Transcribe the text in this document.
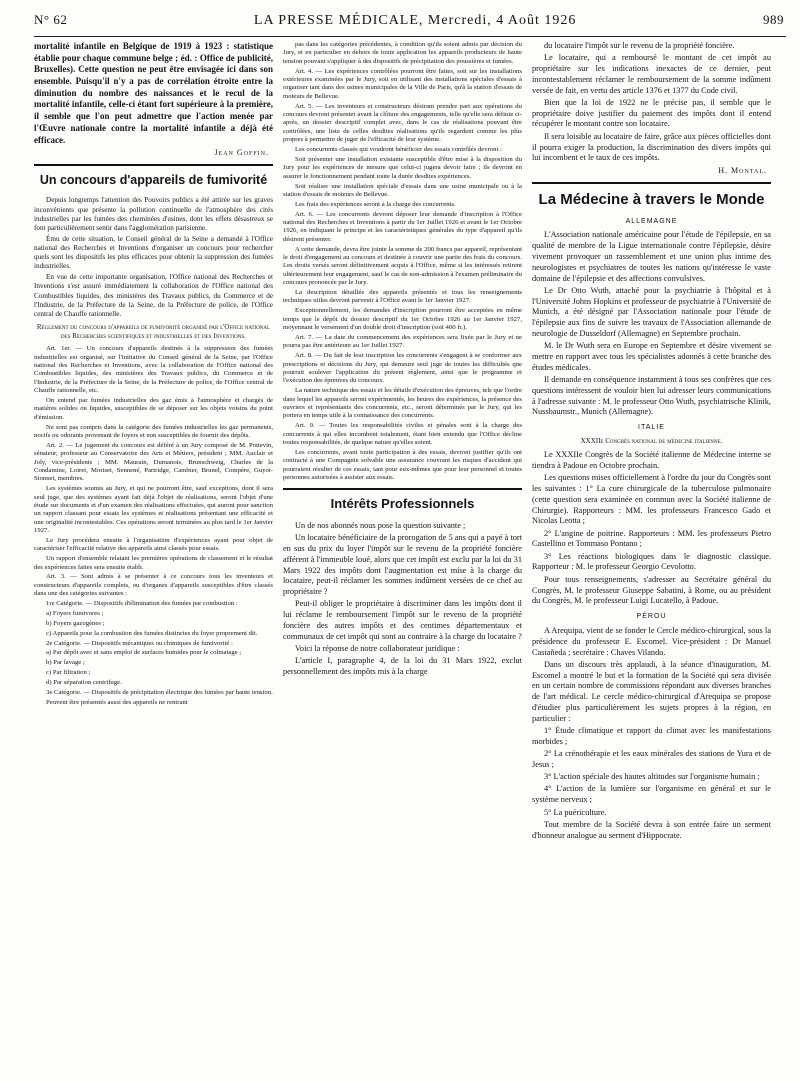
N° 62	LA PRESSE MÉDICALE, Mercredi, 4 Août 1926	989

mortalité infantile en Belgique de 1919 à 1923 : statistique établie pour chaque commune belge ; éd. : Office de publicité, Bruxelles). Cette question ne peut être envisagée ici dans son ensemble. Puisqu'il n'y a pas de corrélation étroite entre la diminution du nombre des naissances et le recul de la mortalité infantile, celle-ci étant fort supérieure à la première, il semble que l'on peut admettre que l'action menée par l'Œuvre nationale contre la mortalité infantile a déjà été efficace.

Jean Goffin.
Un concours d'appareils de fumivorité

Depuis longtemps l'attention des Pouvoirs publics a été attirée sur les graves inconvénients que présente la pollution continuelle de l'atmosphère des cités industrielles par les fumées des cheminées d'usines, dont les effets désastreux se font particulièrement sentir dans l'agglomération parisienne.

Ému de cette situation, le Conseil général de la Seine a demandé à l'Office national des Recherches et Inventions d'organiser un concours pour rechercher quels sont les dispositifs les plus efficaces pour obtenir la suppression des fumées industrielles.

En vue de cette importante organisation, l'Office national des Recherches et Inventions s'est assuré immédiatement la collaboration de l'Office national des Combustibles liquides, des ministères des Travaux publics, du Commerce et de l'Industrie, de la Préfecture de la Seine, de la Préfecture de police, de l'Office central de Chauffe rationnelle.

Règlement du concours d'appareils de fumivorité organisé par l'Office national des Recherches scientifiques et industrielles et des Inventions.

Art. 1er. — Un concours d'appareils destinés à la suppression des fumées industrielles est organisé, sur l'initiative du Conseil général de la Seine, par l'Office national des Recherches et Inventions, avec la collaboration de l'Office national des Combustibles liquides, des ministères des Travaux publics, du Commerce et de l'Industrie, de la Préfecture de la Seine, de la Préfecture de police, de l'Office central de Chauffe rationnelle, etc.

On entend par fumées industrielles des gaz émis à l'atmosphère et chargés de matières solides ou liquides, susceptibles de se déposer sur les objets voisins du point d'émission.

Ne sont pas compris dans la catégorie des fumées industrielles les gaz permanents, nocifs ou odorants provenant de foyers et non susceptibles de fournir des dépôts.

Art. 2. — Le jugement du concours est déféré à un Jury composé de M. Pottevin, sénateur, professeur au Conservatoire des Arts et Métiers, président ; MM. Auclair et Joly, vice-présidents ; MM. Maurain, Dumanois, Brunschweig, Charles de la Condamine, Loiret, Moriset, Sennené, Partridge, Cambier, Brunel, Compère, Guyot-Sionnet, membres.

Les systèmes soumis au Jury, et qui ne pourront être, sauf exceptions, dont il sera seul juge, que des systèmes ayant fait déjà l'objet de réalisations, seront l'objet d'une étude sur documents et d'un examen des réalisations effectuées, qui auront pour sanction un rapport classant pour essais les systèmes et réalisations présentant une efficacité et une originalité incontestables. Ces opérations seront terminées au plus tard le 1er Janvier 1927.

Le Jury procédera ensuite à l'organisation d'expériences ayant pour objet de caractériser l'efficacité relative des appareils ainsi classés pour essais.

Un rapport d'ensemble relatant les premières opérations de classement et le résultat des expériences faites sera ensuite établi.

Art. 3. — Sont admis à se présenter à ce concours tous les inventeurs et constructeurs d'appareils complets, ou d'organes d'appareils susceptibles d'être classés dans une des catégories suivantes :

1re Catégorie. — Dispositifs d'élimination des fumées par combustion :

a) Foyers fumivores ;

b) Foyers gazogènes ;

c) Appareils pour la combustion des fumées distinctes du foyer proprement dit.

2e Catégorie. — Dispositifs mécaniques ou chimiques de fumivorité :

a) Par dépôt avec et sans emploi de surfaces humides pour le colmatage ;

b) Par lavage ;

c) Par filtration ;

d) Par séparation centrifuge.

3e Catégorie. — Dispositifs de précipitation électrique des fumées par haute tension.

Peuvent être présentés aussi des appareils ne rentrant

pas dans les catégories précédentes, à condition qu'ils soient admis par décision du Jury, et en particulier en dehors de toute application les appareils producteurs de haute tension pouvant s'appliquer à des dispositifs de précipitation des poussières et fumées.

Art. 4. — Les expériences contrôlées pourront être faites, soit sur les installations extérieures examinées par le Jury, soit en utilisant des installations spéciales d'essais à organiser tant dans des usines municipales de la Ville de Paris, qu'à la station d'essais de moteurs de Bellevue.

Art. 5. — Les inventeurs et constructeurs désirant prendre part aux opérations du concours devront présenter avant la clôture des engagements, telle qu'elle sera définie ci-après, un dossier descriptif complet avec, dans le cas de réalisations pouvant être contrôlées, une liste de celles desdites réalisations qu'ils regardent comme les plus propres à permettre de juger de l'efficacité de leur système.

Les concurrents classés qui voudront bénéficier des essais contrôlés devront :

Soit présenter une installation existante susceptible d'être mise à la disposition du Jury pour les expériences de mesure que celui-ci jugera devoir faire ; ils devront en assurer le fonctionnement pendant toute la durée desdites expériences.

Soit réaliser une installation spéciale d'essais dans une usine municipale ou à la station d'essais de moteurs de Bellevue.

Les frais des expériences seront à la charge des concurrents.

Art. 6. — Les concurrents devront déposer leur demande d'inscription à l'Office national des Recherches et Inventions à partir du 1er Juillet 1926 et avant le 1er Octobre 1926, en indiquant le principe et les caractéristiques générales du type d'appareil qu'ils désirent présenter.

A cette demande, devra être jointe la somme de 200 francs par appareil, représentant le droit d'engagement au concours et destinée à couvrir une partie des frais du concours. Les droits versés seront définitivement acquis à l'Office, même si les intéressés retirent ultérieurement leur engagement, sauf le cas de non-admission à l'examen préliminaire du concours prononcée par le Jury.

La description détaillée des appareils présentés et tous les renseignements techniques utiles devront parvenir à l'Office avant le 1er Janvier 1927.

Exceptionnellement, les demandes d'inscription pourront être acceptées en même temps que le dépôt du dossier descriptif du 1er Octobre 1926 au 1er Janvier 1927, moyennant le versement d'un double droit d'inscription (soit 400 fr.).

Art. 7. — La date du commencement des expériences sera fixée par le Jury et ne pourra pas être antérieure au 1er Juillet 1927.

Art. 8. — Du fait de leur inscription les concurrents s'engagent à se conformer aux prescriptions et décisions du Jury, qui demeure seul juge de toutes les difficultés que pourrait soulever l'application du présent règlement, ainsi que le programme et l'exécution des épreuves du concours.

La nature technique des essais et les détails d'exécution des épreuves, tels que l'ordre dans lequel les appareils seront expérimentés, les heures des expériences, la présence des ouvriers et représentants des concurrents, etc., seront déterminés par le Jury, qui les portera en temps utile à la connaissance des concurrents.

Art. 9. — Toutes les responsabilités civiles et pénales sont à la charge des concurrents à qui elles incombent totalement, étant bien entendu que l'Office décline toutes responsabilités, de quelque nature qu'elles soient.

Les concurrents, avant toute participation à des essais, devront justifier qu'ils ont contracté à une Compagnie solvable une assurance couvrant les risques d'accident qui pourraient résulter de ces essais, tant pour eux-mêmes que pour leur personnel et toutes personnes autorisées à assister aux essais.

Intérêts Professionnels

Un de nos abonnés nous pose la question suivante ;

Un locataire bénéficiaire de la prorogation de 5 ans qui a payé à tort en sus du prix du loyer l'impôt sur le revenu de la propriété foncière afférent à l'immeuble loué, alors que cet impôt est exclu par la loi du 31 Mars 1922 des impôts dont l'augmentation est mise à la charge du locataire, peut-il réclamer les sommes indûment versées de ce chef au propriétaire ?

Peut-il obliger le propriétaire à discriminer dans les impôts dont il lui réclame le remboursement l'impôt sur le revenu de la propriété foncière des autres impôts et des centimes départementaux et communaux de cet impôt qui sont au contraire à la charge du locataire ?

Voici la réponse de notre collaborateur juridique :

L'article I, paragraphe 4, de la loi du 31 Mars 1922, exclut personnellement des impôts mis à la charge

du locataire l'impôt sur le revenu de la propriété foncière.

Le locataire, qui a remboursé le montant de cet impôt au propriétaire sur les indications inexactes de ce dernier, peut incontestablement réclamer le remboursement de la somme indûment versée de fait, en vertu des article 1376 et 1377 du Code civil.

Bien que la loi de 1922 ne le précise pas, il semble que le propriétaire doive justifier du paiement des impôts dont il entend récupérer le montant contre son locataire.

Il sera loisible au locataire de faire, grâce aux pièces officielles dont il pourra exiger la production, la discrimination des divers impôts qui lui incombent et le taux de ces impôts.

H. Montal.
La Médecine à travers le Monde
ALLEMAGNE

L'Association nationale américaine pour l'étude de l'épilepsie, en sa qualité de membre de la Ligue internationale contre l'épilepsie, désire vivement provoquer un rassemblement et une union plus intime des neurologistes et psychiatres de toutes les nations qu'intéresse le vaste domaine de l'épilepsie et des affections convulsives.

Le Dr Otto Wuth, attaché pour la psychiatrie à l'hôpital et à l'Université Johns Hopkins et professeur de psychiatrie à l'Université de Munich, a été désigné par l'Association nationale pour l'étude de l'épilepsie aux fins de suivre les travaux de l'Association allemande de neurologie de Dusseldorf (Allemagne) en Septembre prochain.

M. le Dr Wuth sera en Europe en Septembre et désire vivement se mettre en rapport avec tous les spécialistes adonnés à cette branche des études médicales.

Il demande en conséquence instamment à tous ses confrères que ces questions intéressent de vouloir bien lui adresser leurs communications à l'adresse suivante : M. le professeur Otto Wuth, psychiatrische Klinik, Nussbaumstr., Munich (Allemagne).

ITALIE
XXXIIe Congrès national de médecine italienne.

Le XXXIIe Congrès de la Société italienne de Médecine interne se tiendra à Padoue en Octobre prochain.

Les questions mises officiellement à l'ordre du jour du Congrès sont les suivantes : 1° La cure chirurgicale de la tuberculose pulmonaire (cette question sera examinée en commun avec la Société italienne de Chirurgie). Rapporteurs : MM. les professeurs Francesco Gado et Nicolas Leotta ;

2° L'angine de poitrine. Rapporteurs : MM. les professeurs Pietro Castellino et Tommaso Pontano ;

3° Les réactions biologiques dans le diagnostic classique. Rapporteur : M. le professeur Georgio Cevolotto.

Pour tous renseignements, s'adresser au Secrétaire général du Congrès, M. le professeur Giuseppe Sabatini, à Rome, ou au président du Congrès, M. le professeur Luigi Lucatello, à Padoue.

PÉROU

A Arequipa, vient de se fonder le Cercle médico-chirurgical, sous la présidence du professeur E. Escomel. Vice-président : Dr Manuel Castañeda ; secrétaire : Chaves Vilando.

Dans un discours très applaudi, à la séance d'inauguration, M. Escomel a montré le but et la formation de la Société qui sera divisée en un certain nombre de commissions répondant aux diverses branches de l'art médical. Le cercle médico-chirurgical d'Arequipa se propose d'étudier plus particulièrement les sujets propres à la région, en particulier :

1° Étude climatique et rapport du climat avec les manifestations morbides ;

2° La crénothérapie et les eaux minérales des stations de Yura et de Jesus ;

3° L'action spéciale des hautes altitudes sur l'organisme humain ;

4° L'action de la lumière sur l'organisme en général et sur le système nerveux ;

5° La puériculture.

Tout membre de la Société devra à son entrée faire un serment d'honneur analogue au serment d'Hippocrate.
